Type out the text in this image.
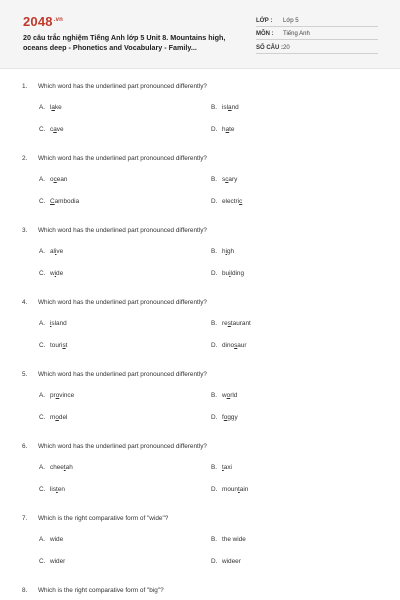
$2048^{.vn}$
20 câu trắc nghiệm Tiếng Anh lớp 5 Unit 8. Mountains high, oceans deep - Phonetics and Vocabulary - Family...
LỚP : Lớp 5
MÔN : Tiếng Anh
SỐ CÂU : 20
1. Which word has the underlined part pronounced differently?
A. lake	B. island
C. cave	D. hate
2. Which word has the underlined part pronounced differently?
A. ocean	B. scary
C. Cambodia	D. electric
3. Which word has the underlined part pronounced differently?
A. alive	B. high
C. wide	D. building
4. Which word has the underlined part pronounced differently?
A. island	B. restaurant
C. tourist	D. dinosaur
5. Which word has the underlined part pronounced differently?
A. province	B. world
C. model	D. foggy
6. Which word has the underlined part pronounced differently?
A. cheetah	B. taxi
C. listen	D. mountain
7. Which is the right comparative form of "wide"?
A. wide	B. the wide
C. wider	D. wideer
8. Which is the right comparative form of "big"?
